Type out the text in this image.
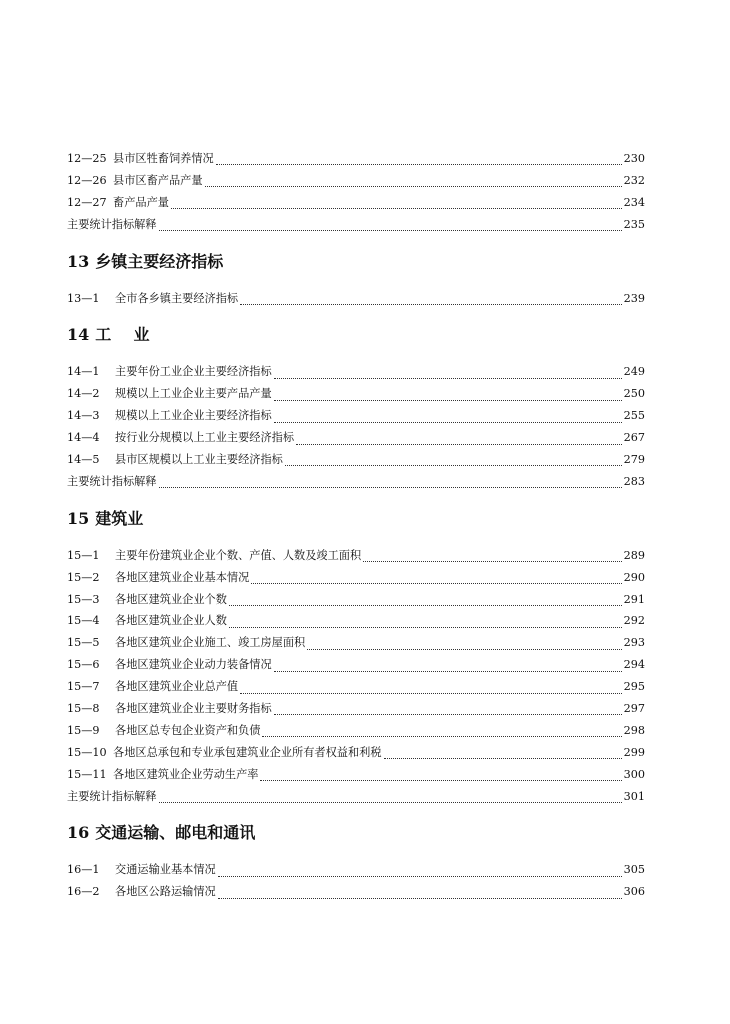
12—25 县市区牲畜饲养情况	230
12—26 县市区畜产品产量	232
12—27 畜产品产量	234
主要统计指标解释	235
13 乡镇主要经济指标
13—1	全市各乡镇主要经济指标	239
14 工    业
14—1	主要年份工业企业主要经济指标	249
14—2	规模以上工业企业主要产品产量	250
14—3	规模以上工业企业主要经济指标	255
14—4	按行业分规模以上工业主要经济指标	267
14—5	县市区规模以上工业主要经济指标	279
主要统计指标解释	283
15 建筑业
15—1	主要年份建筑业企业个数、产值、人数及竣工面积	289
15—2	各地区建筑业企业基本情况	290
15—3	各地区建筑业企业个数	291
15—4	各地区建筑业企业人数	292
15—5	各地区建筑业企业施工、竣工房屋面积	293
15—6	各地区建筑业企业动力装备情况	294
15—7	各地区建筑业企业总产值	295
15—8	各地区建筑业企业主要财务指标	297
15—9	各地区总专包企业资产和负债	298
15—10 各地区总承包和专业承包建筑业企业所有者权益和利税	299
15—11 各地区建筑业企业劳动生产率	300
主要统计指标解释	301
16 交通运输、邮电和通讯
16—1	交通运输业基本情况	305
16—2	各地区公路运输情况	306
